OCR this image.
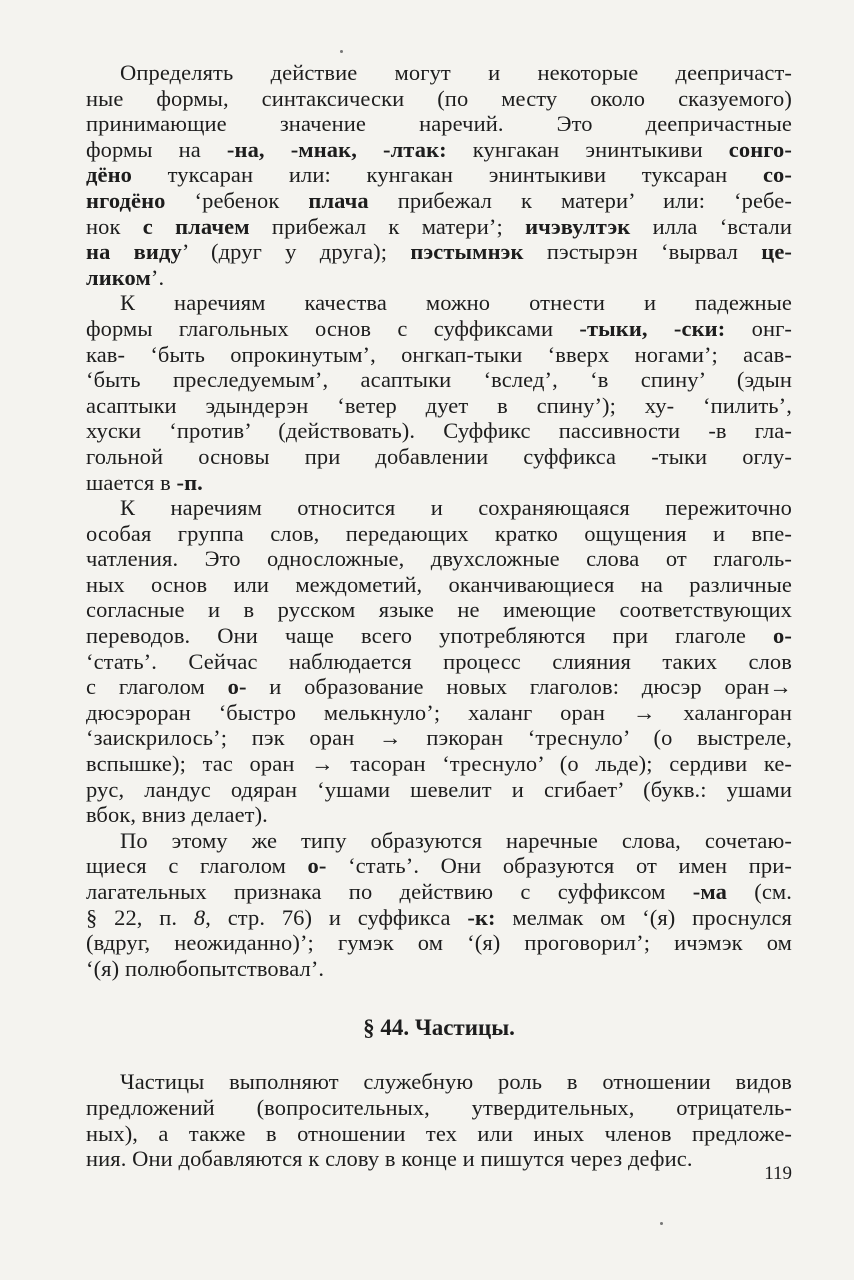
Определять действие могут и некоторые деепричаст-
ные формы, синтаксически (по месту около сказуемого)
принимающие значение наречий. Это деепричастные
формы на -на, -мнак, -лтак: кунгакан энинтыкиви сонго-
дёно туксаран или: кунгакан энинтыкиви туксаран со-
нгодёно ‘ребенок плача прибежал к матери’ или: ‘ребе-
нок с плачем прибежал к матери’; ичэвултэк илла ‘встали
на виду’ (друг у друга); пэстымнэк пэстырэн ‘вырвал це-
ликом’.
К наречиям качества можно отнести и падежные
формы глагольных основ с суффиксами -тыки, -ски: онг-
кав- ‘быть опрокинутым’, онгкап-тыки ‘вверх ногами’; асав-
‘быть преследуемым’, асаптыки ‘вслед’, ‘в спину’ (эдын
асаптыки эдындерэн ‘ветер дует в спину’); ху- ‘пилить’,
хуски ‘против’ (действовать). Суффикс пассивности -в гла-
гольной основы при добавлении суффикса -тыки оглу-
шается в -п.
К наречиям относится и сохраняющаяся пережиточно
особая группа слов, передающих кратко ощущения и впе-
чатления. Это односложные, двухсложные слова от глаголь-
ных основ или междометий, оканчивающиеся на различные
согласные и в русском языке не имеющие соответствующих
переводов. Они чаще всего употребляются при глаголе о-
‘стать’. Сейчас наблюдается процесс слияния таких слов
с глаголом о- и образование новых глаголов: дюсэр оран→
дюсэроран ‘быстро мелькнуло’; халанг оран → халангоран
‘заискрилось’; пэк оран → пэкоран ‘треснуло’ (о выстреле,
вспышке); тас оран → тасоран ‘треснуло’ (о льде); сердиви ке-
рус, ландус одяран ‘ушами шевелит и сгибает’ (букв.: ушами
вбок, вниз делает).
По этому же типу образуются наречные слова, сочетаю-
щиеся с глаголом о- ‘стать’. Они образуются от имен при-
лагательных признака по действию с суффиксом -ма (см.
§ 22, п. 8, стр. 76) и суффикса -к: мелмак ом ‘(я) проснулся
(вдруг, неожиданно)’; гумэк ом ‘(я) проговорил’; ичэмэк ом
‘(я) полюбопытствовал’.
§ 44. Частицы.
Частицы выполняют служебную роль в отношении видов
предложений (вопросительных, утвердительных, отрицатель-
ных), а также в отношении тех или иных членов предложе-
ния. Они добавляются к слову в конце и пишутся через дефис.
119
